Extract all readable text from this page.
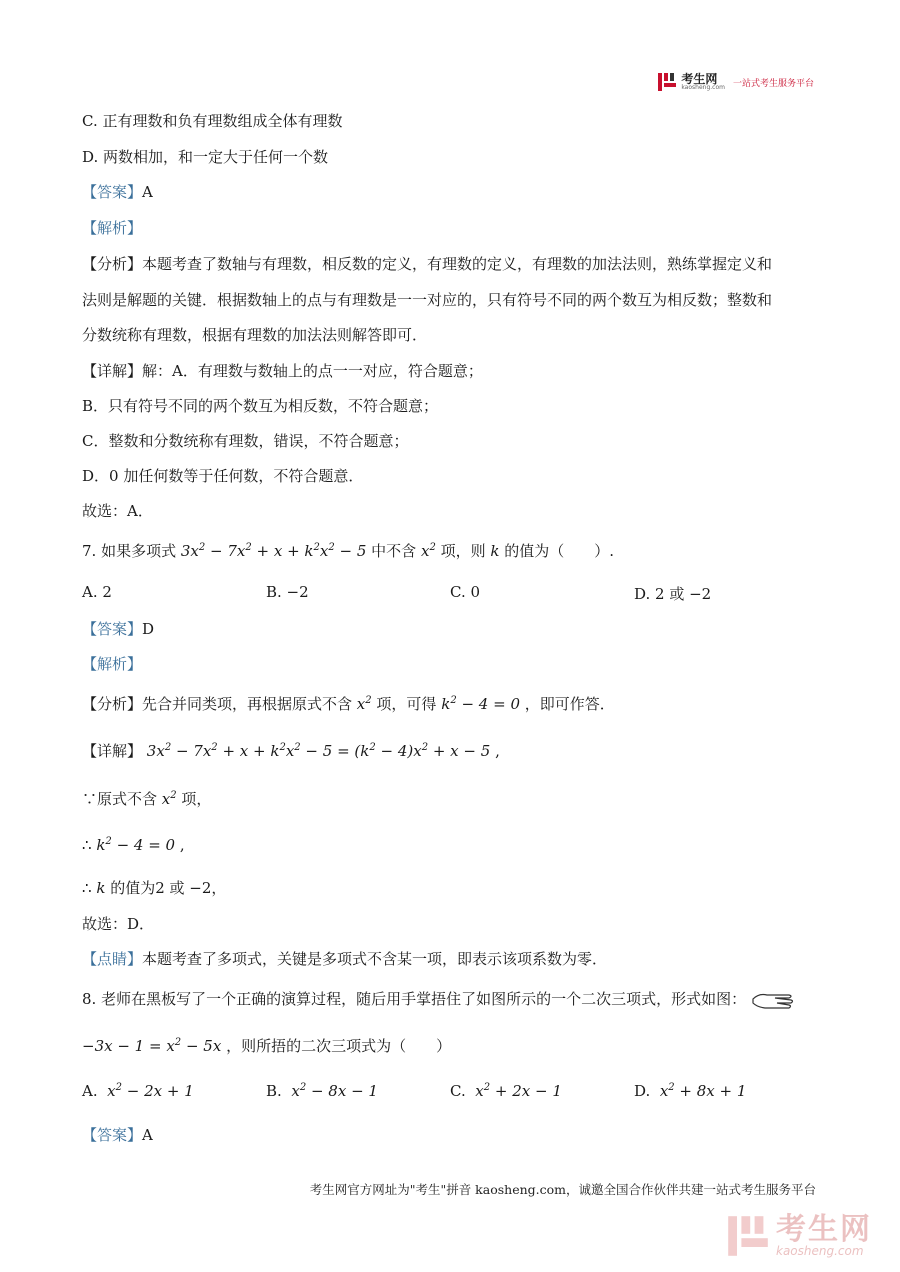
考生网
kaosheng.com 一站式考生服务平台
C. 正有理数和负有理数组成全体有理数
D. 两数相加，和一定大于任何一个数
【答案】A
【解析】
【分析】本题考查了数轴与有理数，相反数的定义，有理数的定义，有理数的加法法则，熟练掌握定义和
法则是解题的关键．根据数轴上的点与有理数是一一对应的，只有符号不同的两个数互为相反数；整数和
分数统称有理数，根据有理数的加法法则解答即可．
【详解】解：A．有理数与数轴上的点一一对应，符合题意；
B．只有符号不同的两个数互为相反数，不符合题意；
C．整数和分数统称有理数，错误，不符合题意；
D．0 加任何数等于任何数，不符合题意．
故选：A．
7. 如果多项式 $3x^2 - 7x^2 + x + k^2x^2 - 5$ 中不含 $x^2$ 项，则 k 的值为（　　）.
A. 2	B. −2	C. 0	D. 2 或 −2
【答案】D
【解析】
【分析】先合并同类项，再根据原式不含 $x^2$ 项，可得 $k^2 - 4 = 0$ ，即可作答．
【详解】 $3x^2 - 7x^2 + x + k^2x^2 - 5 = (k^2 - 4)x^2 + x - 5$ ,
∵原式不含 $x^2$ 项，
∴ $k^2 - 4 = 0$ ,
∴ k 的值为2 或 −2，
故选：D．
【点睛】本题考查了多项式，关键是多项式不含某一项，即表示该项系数为零．
8. 老师在黑板写了一个正确的演算过程，随后用手掌捂住了如图所示的一个二次三项式，形式如图：
$-3x - 1 = x^2 - 5x$ ，则所捂的二次三项式为（　　）
A. $x^2 - 2x + 1$	B. $x^2 - 8x - 1$	C. $x^2 + 2x - 1$	D. $x^2 + 8x + 1$
【答案】A
考生网官方网址为"考生"拼音 kaosheng.com，诚邀全国合作伙伴共建一站式考生服务平台
考生网
kaosheng.com
